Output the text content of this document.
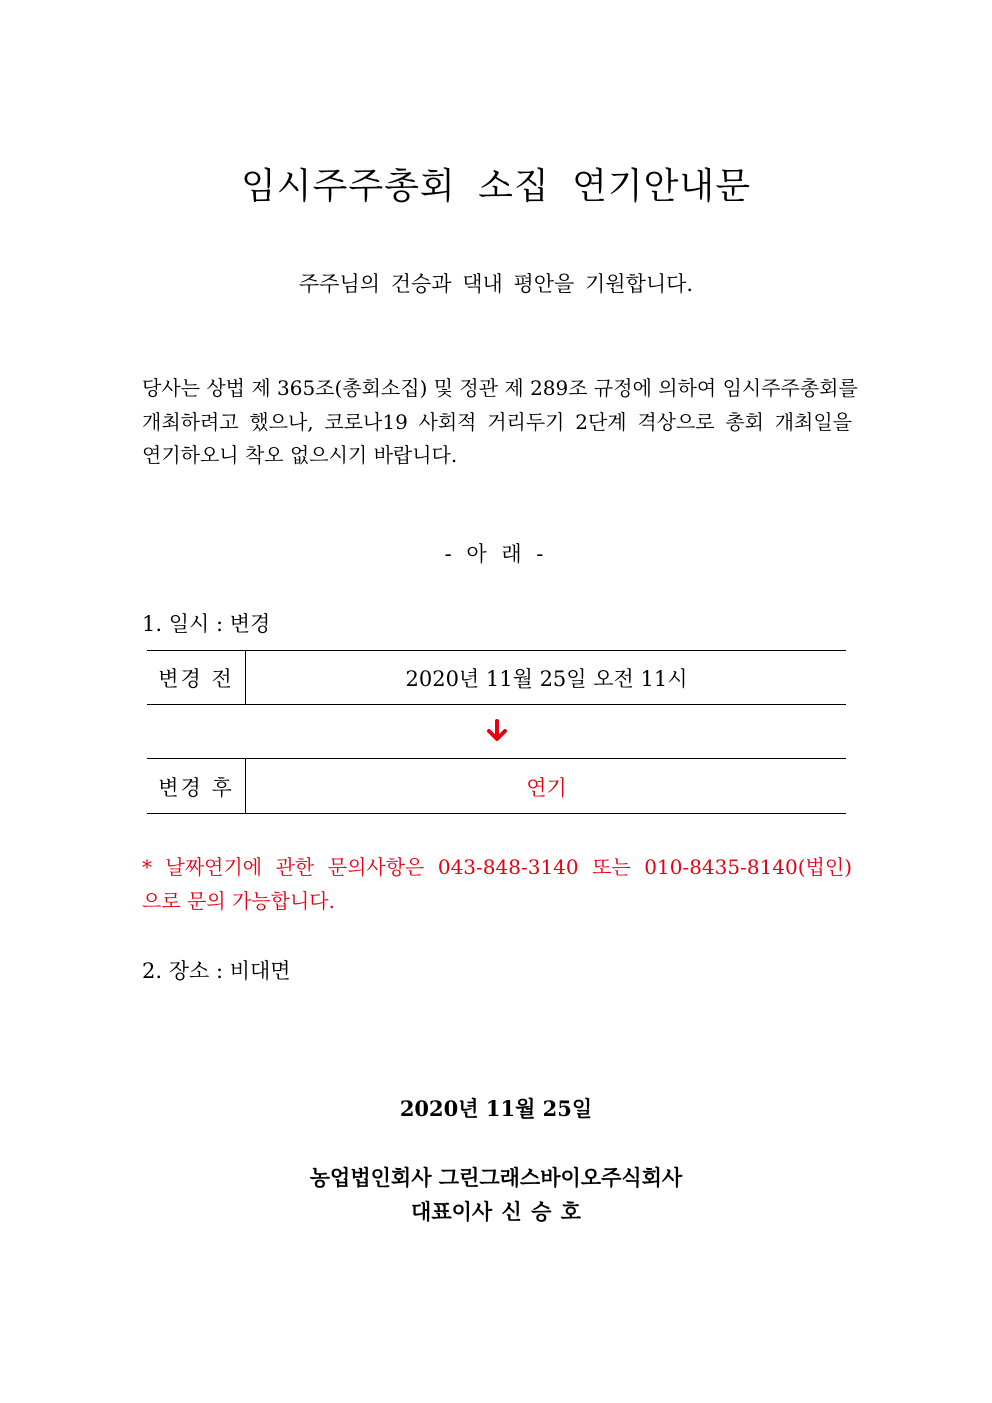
임시주주총회 소집 연기안내문
주주님의 건승과 댁내 평안을 기원합니다.
당사는 상법 제 365조(총회소집) 및 정관 제 289조 규정에 의하여 임시주주총회를
개최하려고 했으나, 코로나19 사회적 거리두기 2단계 격상으로 총회 개최일을
연기하오니 착오 없으시기 바랍니다.
- 아 래 -
1. 일시 : 변경
변경 전	2020년 11월 25일 오전 11시
변경 후	연기
* 날짜연기에 관한 문의사항은 043-848-3140 또는 010-8435-8140(법인)
으로 문의 가능합니다.
2. 장소 : 비대면
2020년 11월 25일
농업법인회사 그린그래스바이오주식회사
대표이사 신 승 호
